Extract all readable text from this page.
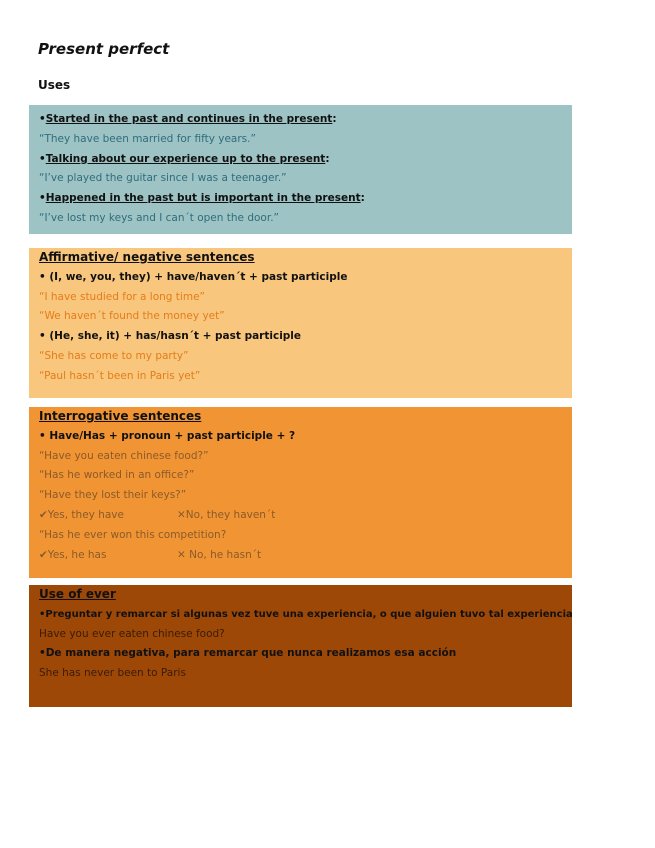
Present perfect
Uses
•Started in the past and continues in the present:
“They have been married for fifty years.”
•Talking about our experience up to the present:
“I’ve played the guitar since I was a teenager.”
•Happened in the past but is important in the present:
“I’ve lost my keys and I can´t open the door.”
Affirmative/ negative sentences
• (I, we, you, they) + have/haven´t + past participle
“I have studied for a long time”
“We haven´t found the money yet”
• (He, she, it) + has/hasn´t + past participle
“She has come to my party”
“Paul hasn´t been in Paris yet”
Interrogative sentences
• Have/Has + pronoun + past participle + ?
“Have you eaten chinese food?”
“Has he worked in an office?”
“Have they lost their keys?”
✔Yes, they have	✕No, they haven´t
“Has he ever won this competition?
✔Yes, he has	✕ No, he hasn´t
Use of ever
•Preguntar y remarcar si algunas vez tuve una experiencia, o que alguien tuvo tal experiencia
Have you ever eaten chinese food?
•De manera negativa, para remarcar que nunca realizamos esa acción
She has never been to Paris
